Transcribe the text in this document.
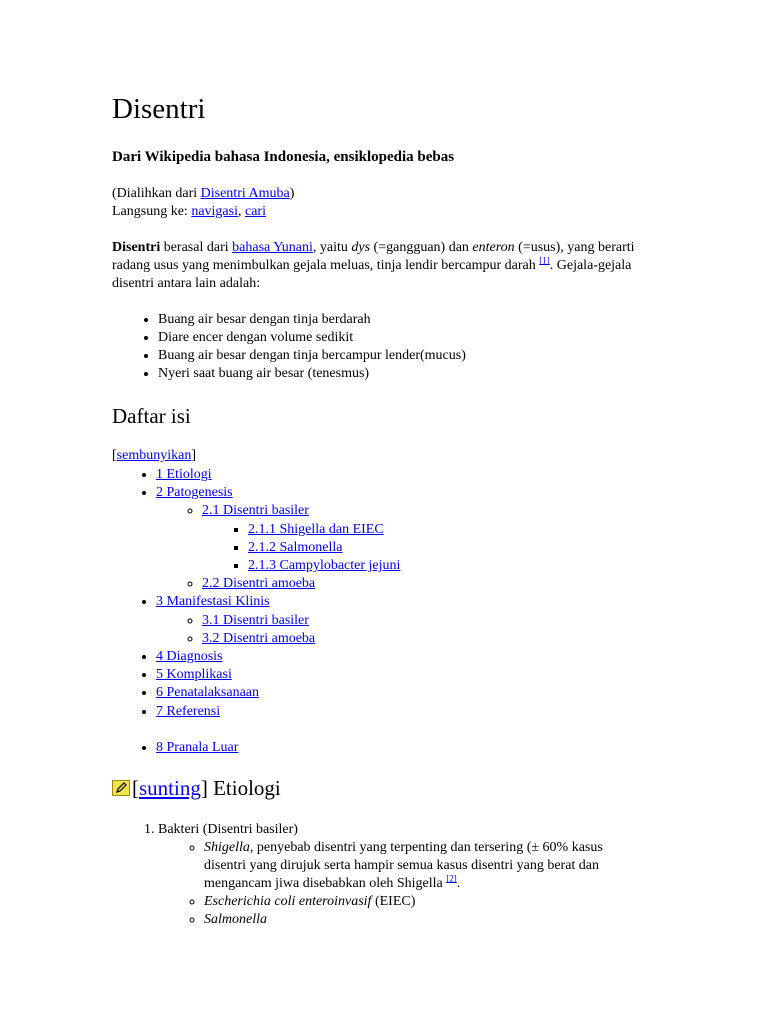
Disentri
Dari Wikipedia bahasa Indonesia, ensiklopedia bebas
(Dialihkan dari Disentri Amuba)
Langsung ke: navigasi, cari
Disentri berasal dari bahasa Yunani, yaitu dys (=gangguan) dan enteron (=usus), yang berarti radang usus yang menimbulkan gejala meluas, tinja lendir bercampur darah [1]. Gejala-gejala disentri antara lain adalah:
• Buang air besar dengan tinja berdarah
• Diare encer dengan volume sedikit
• Buang air besar dengan tinja bercampur lender(mucus)
• Nyeri saat buang air besar (tenesmus)
Daftar isi
[sembunyikan]
• 1 Etiologi
• 2 Patogenesis
◦ 2.1 Disentri basiler
▪ 2.1.1 Shigella dan EIEC
▪ 2.1.2 Salmonella
▪ 2.1.3 Campylobacter jejuni
◦ 2.2 Disentri amoeba
• 3 Manifestasi Klinis
◦ 3.1 Disentri basiler
◦ 3.2 Disentri amoeba
• 4 Diagnosis
• 5 Komplikasi
• 6 Penatalaksanaan
• 7 Referensi
• 8 Pranala Luar
[sunting] Etiologi
1. Bakteri (Disentri basiler)
◦ Shigella, penyebab disentri yang terpenting dan tersering (± 60% kasus disentri yang dirujuk serta hampir semua kasus disentri yang berat dan mengancam jiwa disebabkan oleh Shigella [2].
◦ Escherichia coli enteroinvasif (EIEC)
◦ Salmonella
